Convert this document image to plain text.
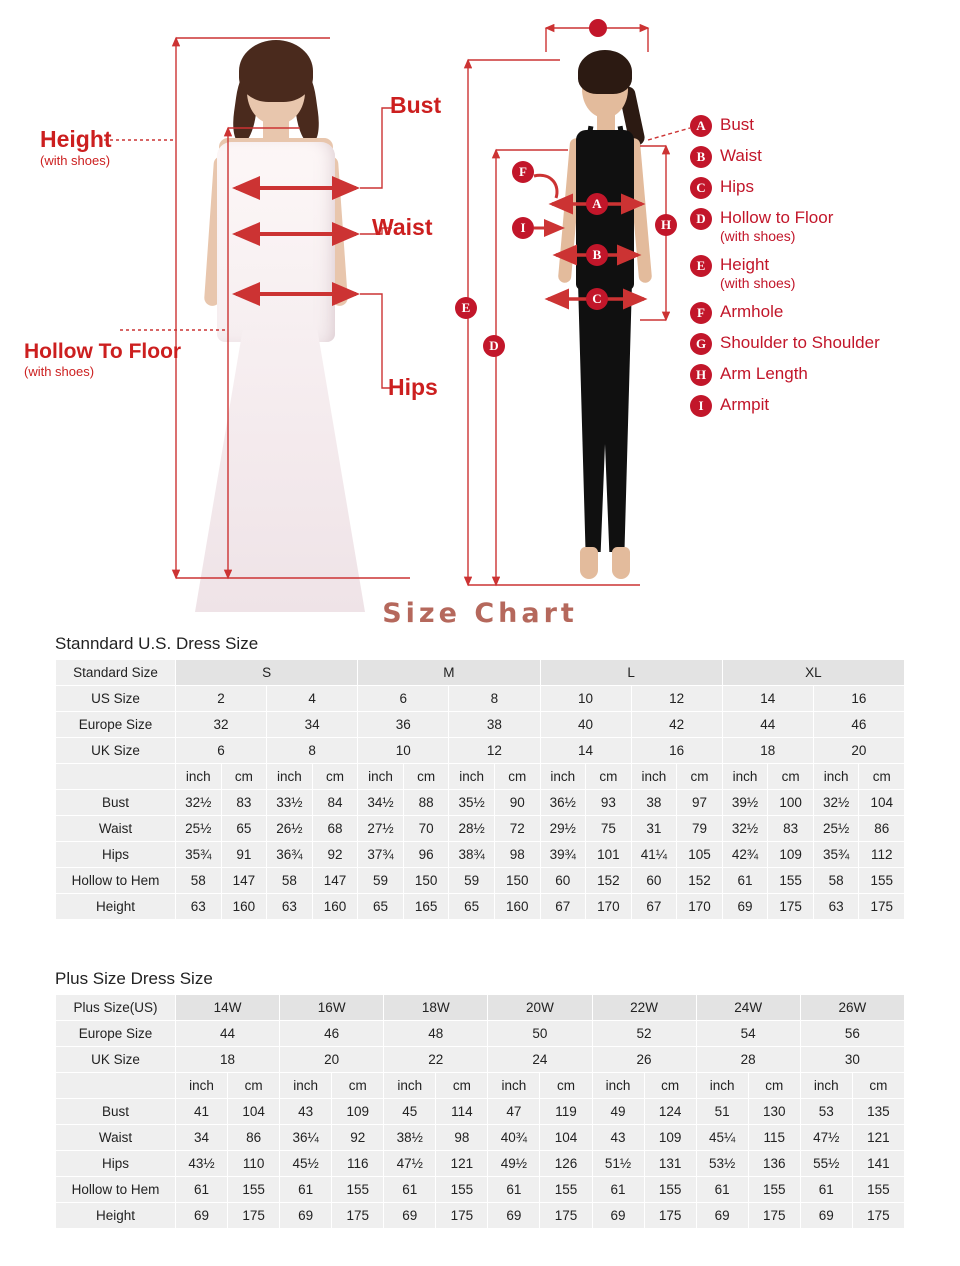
Height
(with shoes)
Hollow To Floor
(with shoes)
Bust
Waist
Hips
E
D
F
I
A
B
C
H
A Bust
B Waist
C Hips
D Hollow to Floor
(with shoes)
E Height
(with shoes)
F Armhole
G Shoulder to Shoulder
H Arm Length
I Armpit
Size Chart
Stanndard U.S. Dress Size
Standard Size	S				M				L				XL			
US Size	2		4		6		8		10		12		14		16	
Europe Size	32		34		36		38		40		42		44		46	
UK Size	6		8		10		12		14		16		18		20	
	inch	cm	inch	cm	inch	cm	inch	cm	inch	cm	inch	cm	inch	cm	inch	cm
Bust	32½	83	33½	84	34½	88	35½	90	36½	93	38	97	39½	100	32½	104
Waist	25½	65	26½	68	27½	70	28½	72	29½	75	31	79	32½	83	25½	86
Hips	35¾	91	36¾	92	37¾	96	38¾	98	39¾	101	41¼	105	42¾	109	35¾	112
Hollow to Hem	58	147	58	147	59	150	59	150	60	152	60	152	61	155	58	155
Height	63	160	63	160	65	165	65	160	67	170	67	170	69	175	63	175
Plus Size Dress Size
Plus Size(US)	14W		16W		18W		20W		22W		24W		26W	
Europe Size	44		46		48		50		52		54		56	
UK Size	18		20		22		24		26		28		30	
	inch	cm	inch	cm	inch	cm	inch	cm	inch	cm	inch	cm	inch	cm
Bust	41	104	43	109	45	114	47	119	49	124	51	130	53	135
Waist	34	86	36¼	92	38½	98	40¾	104	43	109	45¼	115	47½	121
Hips	43½	110	45½	116	47½	121	49½	126	51½	131	53½	136	55½	141
Hollow to Hem	61	155	61	155	61	155	61	155	61	155	61	155	61	155
Height	69	175	69	175	69	175	69	175	69	175	69	175	69	175
